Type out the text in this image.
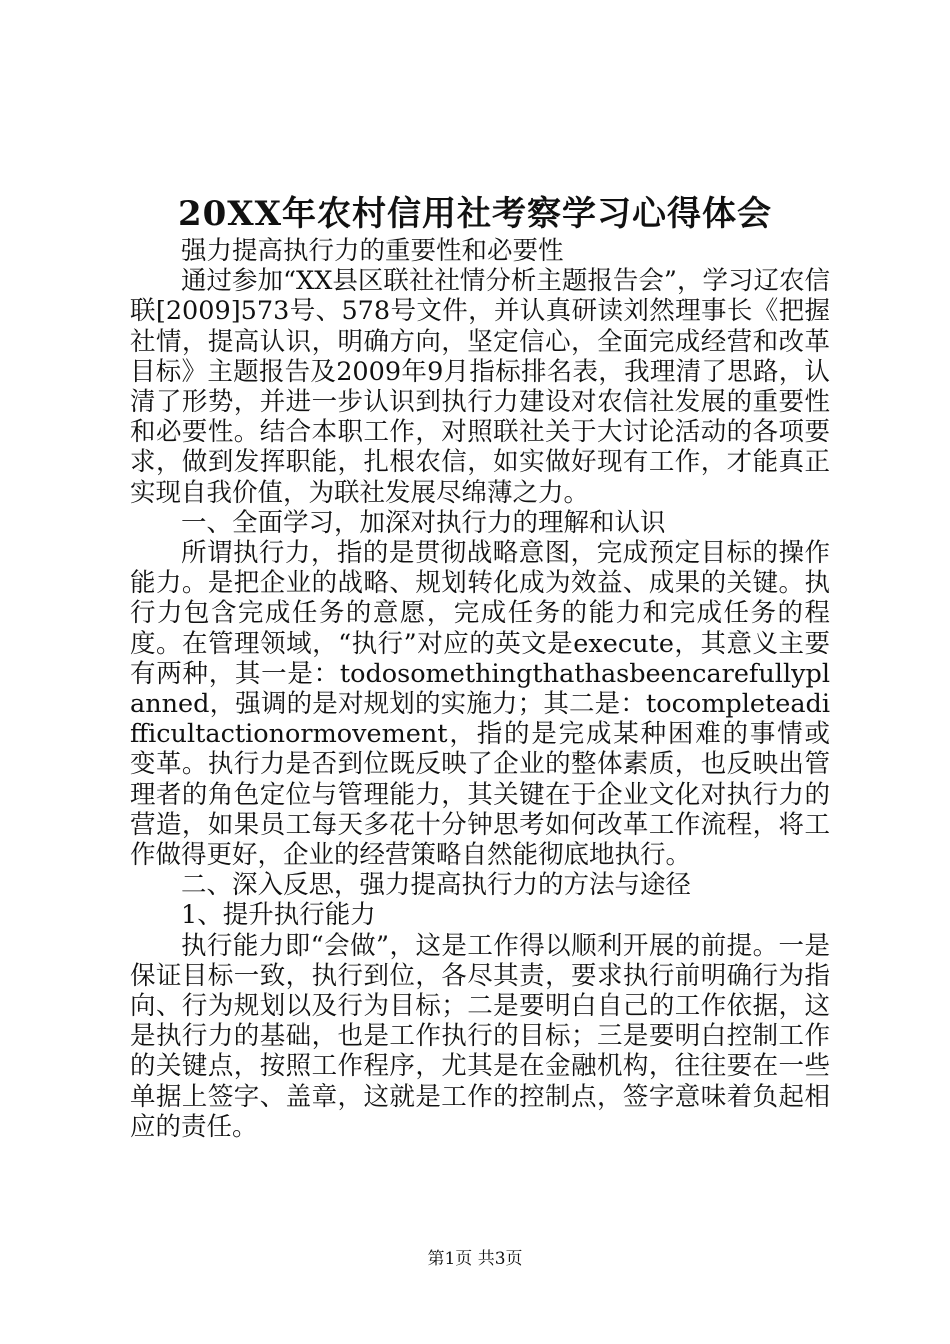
20XX年农村信用社考察学习心得体会

强力提高执行力的重要性和必要性

通过参加“XX县区联社社情分析主题报告会”，学习辽农信联[2009]573号、578号文件，并认真研读刘然理事长《把握社情，提高认识，明确方向，坚定信心，全面完成经营和改革目标》主题报告及2009年9月指标排名表，我理清了思路，认清了形势，并进一步认识到执行力建设对农信社发展的重要性和必要性。结合本职工作，对照联社关于大讨论活动的各项要求，做到发挥职能，扎根农信，如实做好现有工作，才能真正实现自我价值，为联社发展尽绵薄之力。

一、全面学习，加深对执行力的理解和认识

所谓执行力，指的是贯彻战略意图，完成预定目标的操作能力。是把企业的战略、规划转化成为效益、成果的关键。执行力包含完成任务的意愿，完成任务的能力和完成任务的程度。在管理领域，“执行”对应的英文是execute，其意义主要有两种，其一是：todosomethingthathasbeencarefullyplanned，强调的是对规划的实施力；其二是：tocompleteadifficultactionormovement，指的是完成某种困难的事情或变革。执行力是否到位既反映了企业的整体素质，也反映出管理者的角色定位与管理能力，其关键在于企业文化对执行力的营造，如果员工每天多花十分钟思考如何改革工作流程，将工作做得更好，企业的经营策略自然能彻底地执行。

二、深入反思，强力提高执行力的方法与途径

1、提升执行能力

执行能力即“会做”，这是工作得以顺利开展的前提。一是保证目标一致，执行到位，各尽其责，要求执行前明确行为指向、行为规划以及行为目标；二是要明白自己的工作依据，这是执行力的基础，也是工作执行的目标；三是要明白控制工作的关键点，按照工作程序，尤其是在金融机构，往往要在一些单据上签字、盖章，这就是工作的控制点，签字意味着负起相应的责任。

第1页 共3页
